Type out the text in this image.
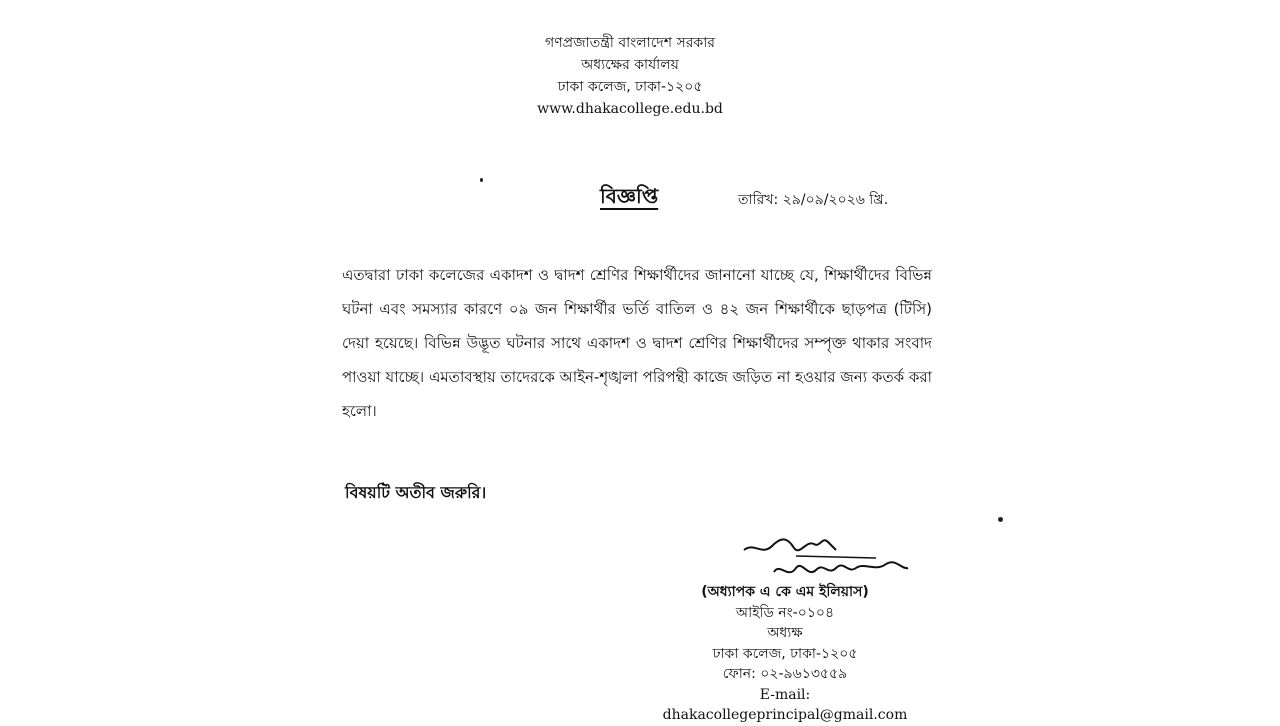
গণপ্রজাতন্ত্রী বাংলাদেশ সরকার
অধ্যক্ষের কার্যালয়
ঢাকা কলেজ, ঢাকা-১২০৫
www.dhakacollege.edu.bd
বিজ্ঞপ্তি	তারিখ: ২৯/০৯/২০২৬ খ্রি.
এতদ্বারা ঢাকা কলেজের একাদশ ও দ্বাদশ শ্রেণির শিক্ষার্থীদের জানানো যাচ্ছে যে, শিক্ষার্থীদের বিভিন্ন ঘটনা এবং সমস্যার কারণে ০৯ জন শিক্ষার্থীর ভর্তি বাতিল ও ৪২ জন শিক্ষার্থীকে ছাড়পত্র (টিসি) দেয়া হয়েছে। বিভিন্ন উদ্ভূত ঘটনার সাথে একাদশ ও দ্বাদশ শ্রেণির শিক্ষার্থীদের সম্পৃক্ত থাকার সংবাদ পাওয়া যাচ্ছে। এমতাবস্থায় তাদেরকে আইন-শৃঙ্খলা পরিপন্থী কাজে জড়িত না হওয়ার জন্য কতর্ক করা হলো।
বিষয়টি অতীব জরুরি।
(অধ্যাপক এ কে এম ইলিয়াস)
আইডি নং-০১০৪
অধ্যক্ষ
ঢাকা কলেজ, ঢাকা-১২০৫
ফোন: ০২-৯৬১৩৫৫৯
E-mail: dhakacollegeprincipal@gmail.com
